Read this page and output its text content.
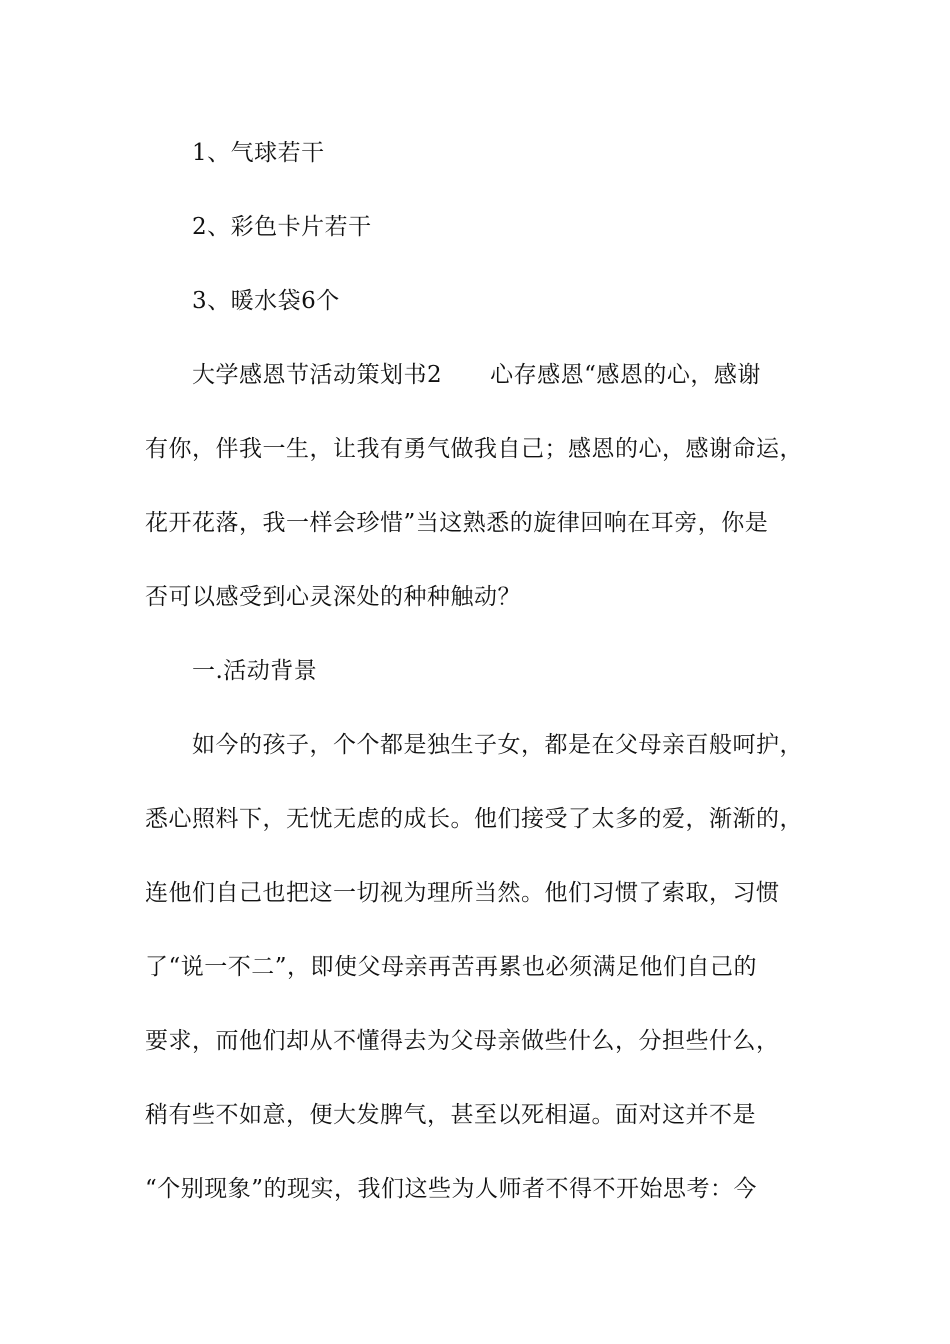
1、气球若干
2、彩色卡片若干
3、暖水袋6个
大学感恩节活动策划书2 心存感恩“感恩的心，感谢
有你，伴我一生，让我有勇气做我自己；感恩的心，感谢命运，
花开花落，我一样会珍惜”当这熟悉的旋律回响在耳旁，你是
否可以感受到心灵深处的种种触动？
一.活动背景
如今的孩子，个个都是独生子女，都是在父母亲百般呵护，
悉心照料下，无忧无虑的成长。他们接受了太多的爱，渐渐的，
连他们自己也把这一切视为理所当然。他们习惯了索取，习惯
了“说一不二”，即使父母亲再苦再累也必须满足他们自己的
要求，而他们却从不懂得去为父母亲做些什么，分担些什么，
稍有些不如意，便大发脾气，甚至以死相逼。面对这并不是
“个别现象”的现实，我们这些为人师者不得不开始思考：今
